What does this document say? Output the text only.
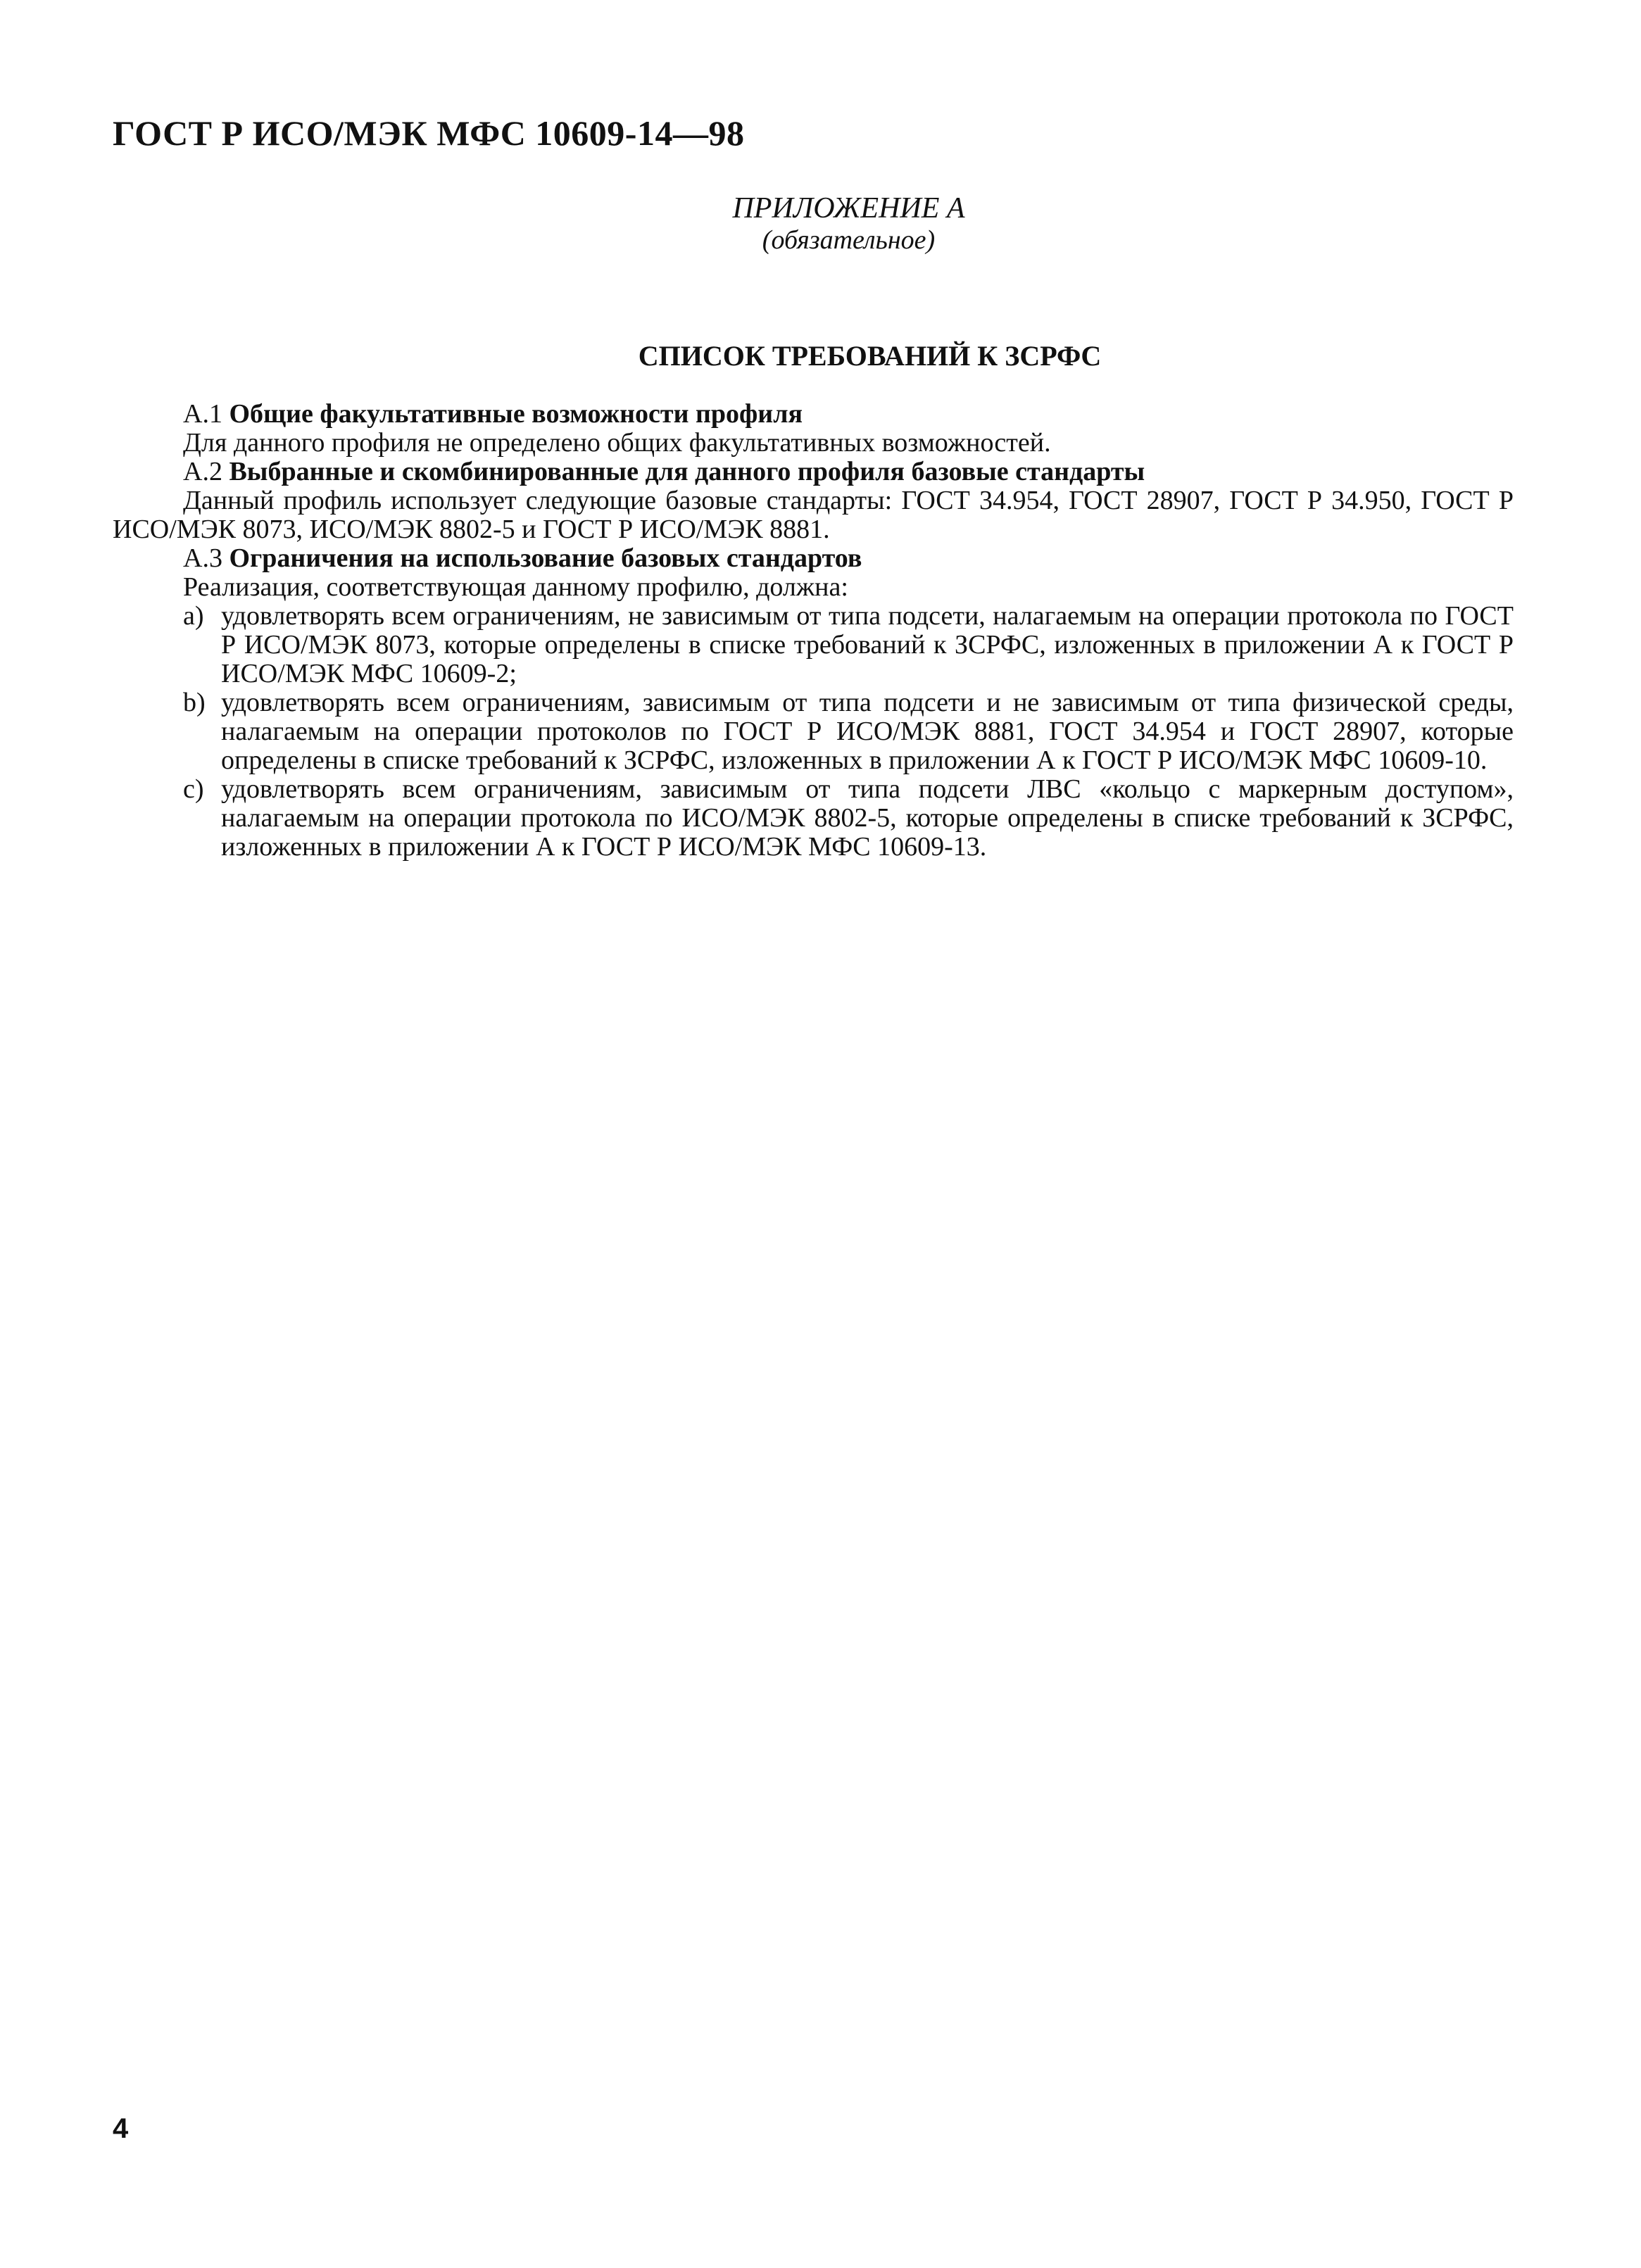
ГОСТ Р ИСО/МЭК МФС 10609-14—98
ПРИЛОЖЕНИЕ А
(обязательное)
СПИСОК ТРЕБОВАНИЙ К ЗСРФС

А.1 Общие факультативные возможности профиля

Для данного профиля не определено общих факультативных возможностей.

А.2 Выбранные и скомбинированные для данного профиля базовые стандарты

Данный профиль использует следующие базовые стандарты: ГОСТ 34.954, ГОСТ 28907, ГОСТ Р 34.950, ГОСТ Р ИСО/МЭК 8073, ИСО/МЭК 8802-5 и ГОСТ Р ИСО/МЭК 8881.

А.3 Ограничения на использование базовых стандартов

Реализация, соответствующая данному профилю, должна:

a) удовлетворять всем ограничениям, не зависимым от типа подсети, налагаемым на операции протокола по ГОСТ Р ИСО/МЭК 8073, которые определены в списке требований к ЗСРФС, изложенных в приложении А к ГОСТ Р ИСО/МЭК МФС 10609-2;
b) удовлетворять всем ограничениям, зависимым от типа подсети и не зависимым от типа физической среды, налагаемым на операции протоколов по ГОСТ Р ИСО/МЭК 8881, ГОСТ 34.954 и ГОСТ 28907, которые определены в списке требований к ЗСРФС, изложенных в приложении А к ГОСТ Р ИСО/МЭК МФС 10609-10.
c) удовлетворять всем ограничениям, зависимым от типа подсети ЛВС «кольцо с маркерным доступом», налагаемым на операции протокола по ИСО/МЭК 8802-5, которые определены в списке требований к ЗСРФС, изложенных в приложении А к ГОСТ Р ИСО/МЭК МФС 10609-13.
4
